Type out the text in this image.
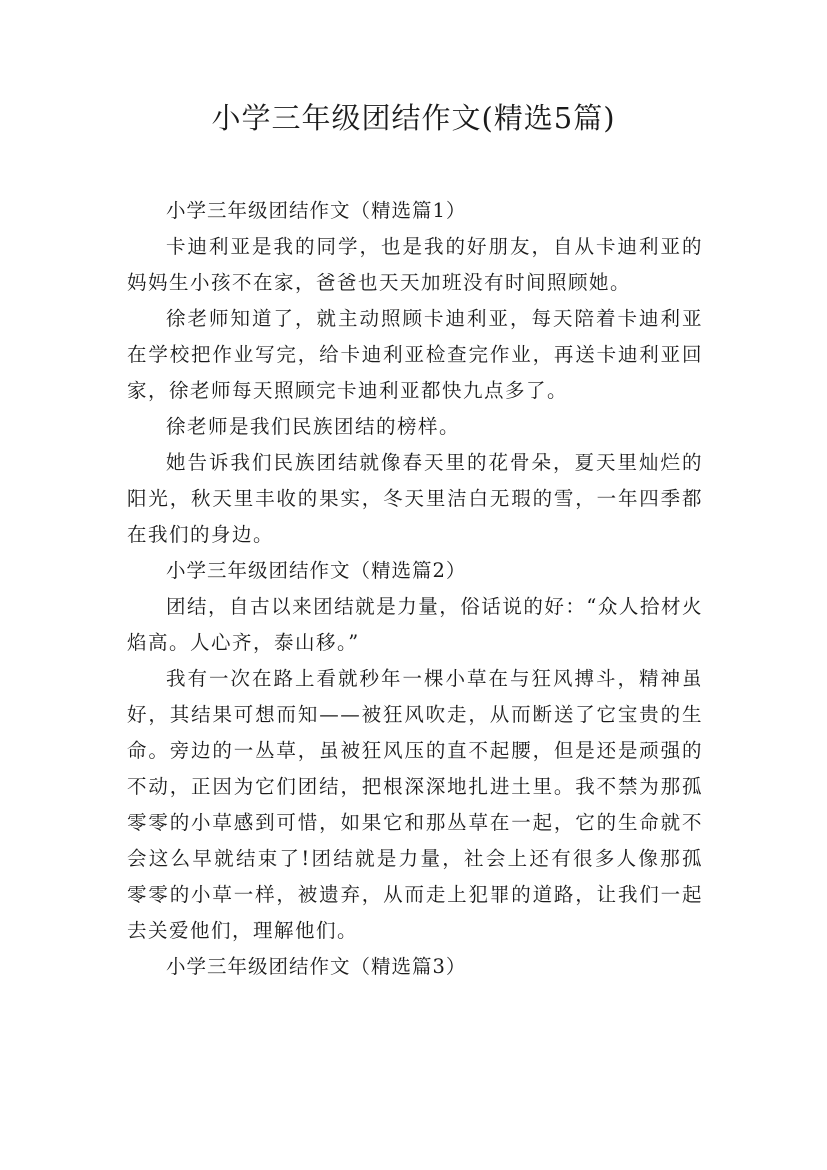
小学三年级团结作文(精选5篇)

小学三年级团结作文（精选篇1）

卡迪利亚是我的同学，也是我的好朋友，自从卡迪利亚的妈妈生小孩不在家，爸爸也天天加班没有时间照顾她。

徐老师知道了，就主动照顾卡迪利亚，每天陪着卡迪利亚在学校把作业写完，给卡迪利亚检查完作业，再送卡迪利亚回家，徐老师每天照顾完卡迪利亚都快九点多了。

徐老师是我们民族团结的榜样。

她告诉我们民族团结就像春天里的花骨朵，夏天里灿烂的阳光，秋天里丰收的果实，冬天里洁白无瑕的雪，一年四季都在我们的身边。

小学三年级团结作文（精选篇2）

团结，自古以来团结就是力量，俗话说的好：“众人拾材火焰高。人心齐，泰山移。”

我有一次在路上看就秒年一棵小草在与狂风搏斗，精神虽好，其结果可想而知——被狂风吹走，从而断送了它宝贵的生命。旁边的一丛草，虽被狂风压的直不起腰，但是还是顽强的不动，正因为它们团结，把根深深地扎进土里。我不禁为那孤零零的小草感到可惜，如果它和那丛草在一起，它的生命就不会这么早就结束了!团结就是力量，社会上还有很多人像那孤零零的小草一样，被遗弃，从而走上犯罪的道路，让我们一起去关爱他们，理解他们。

小学三年级团结作文（精选篇3）
